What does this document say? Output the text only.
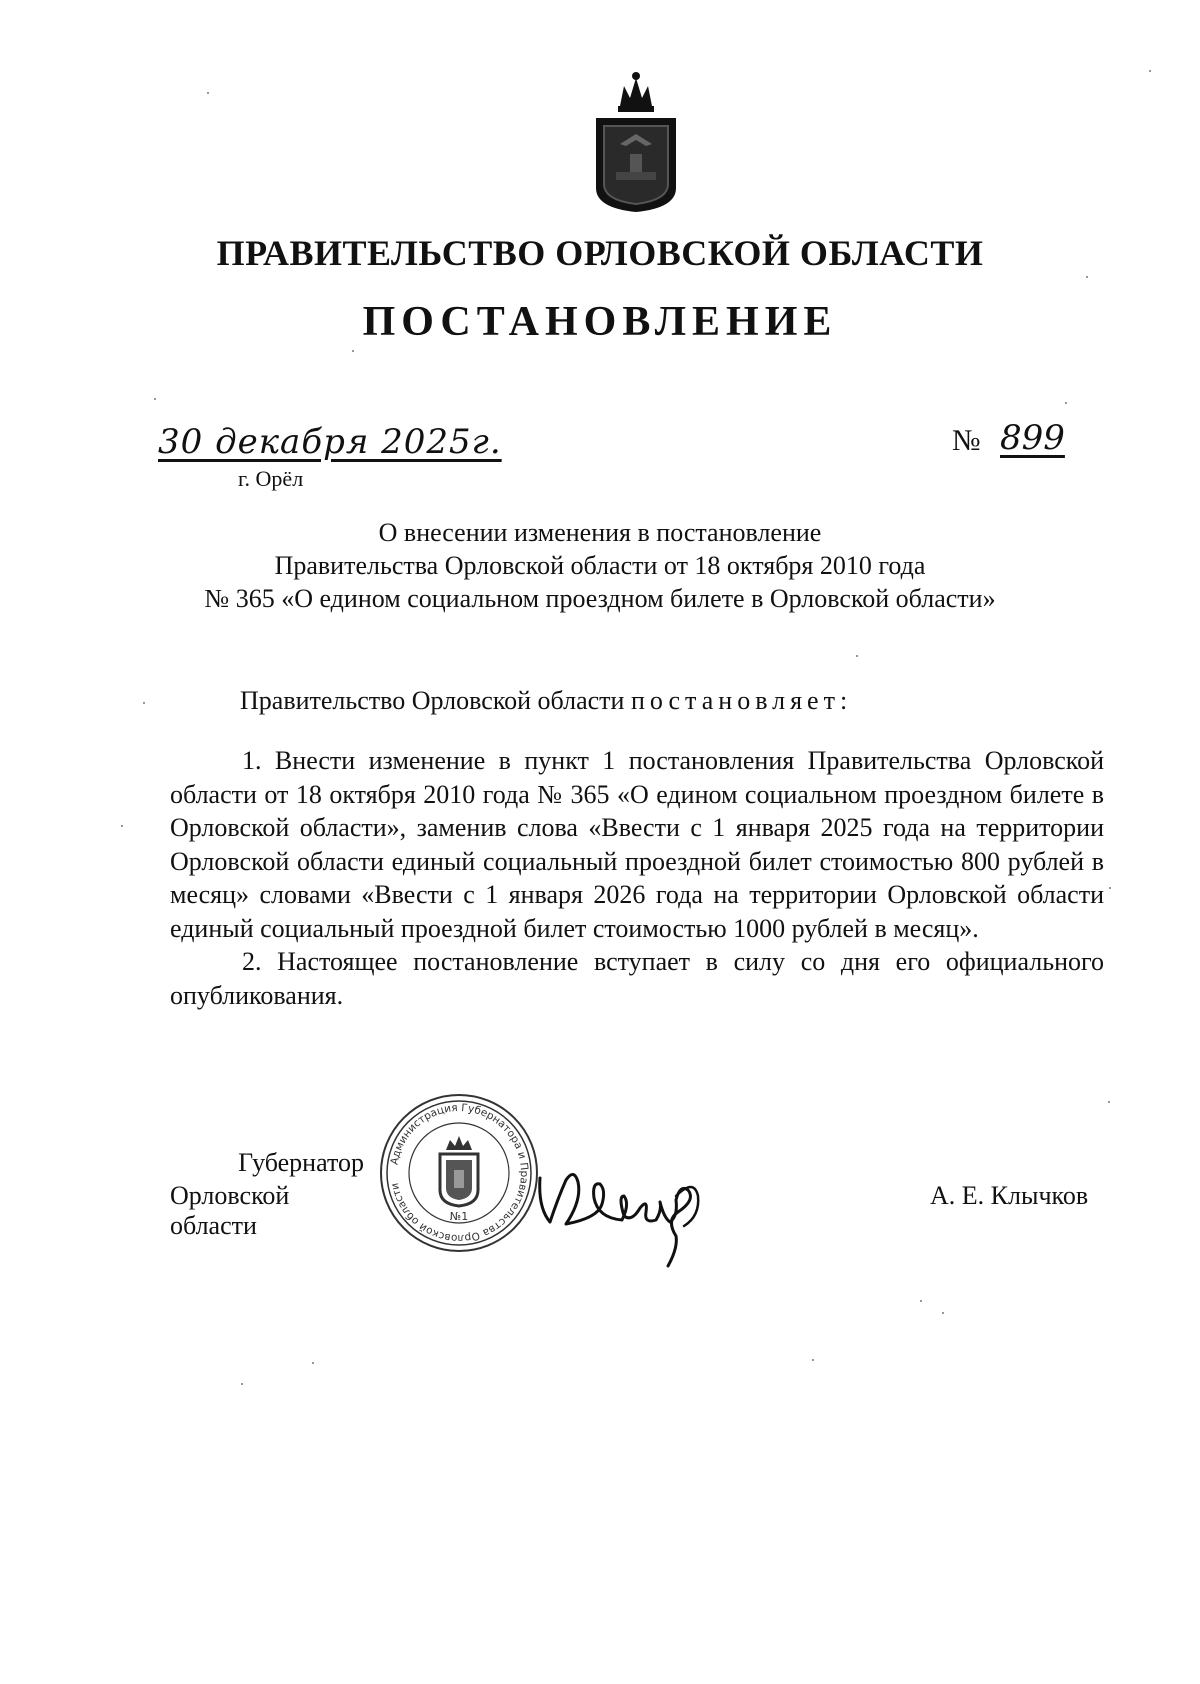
ПРАВИТЕЛЬСТВО ОРЛОВСКОЙ ОБЛАСТИ
ПОСТАНОВЛЕНИЕ
30 декабря 2025г.
г. Орёл
№ 899
О внесении изменения в постановление
Правительства Орловской области от 18 октября 2010 года
№ 365 «О едином социальном проездном билете в Орловской области»
Правительство Орловской области постановляет:

1. Внести изменение в пункт 1 постановления Правительства Орловской области от 18 октября 2010 года № 365 «О едином социальном проездном билете в Орловской области», заменив слова «Ввести с 1 января 2025 года на территории Орловской области единый социальный проездной билет стоимостью 800 рублей в месяц» словами «Ввести с 1 января 2026 года на территории Орловской области единый социальный проездной билет стоимостью 1000 рублей в месяц».

2. Настоящее постановление вступает в силу со дня его официального опубликования.

Губернатор
Орловской области
А. Е. Клычков
Администрация Губернатора и Правительства Орловской области
№1
